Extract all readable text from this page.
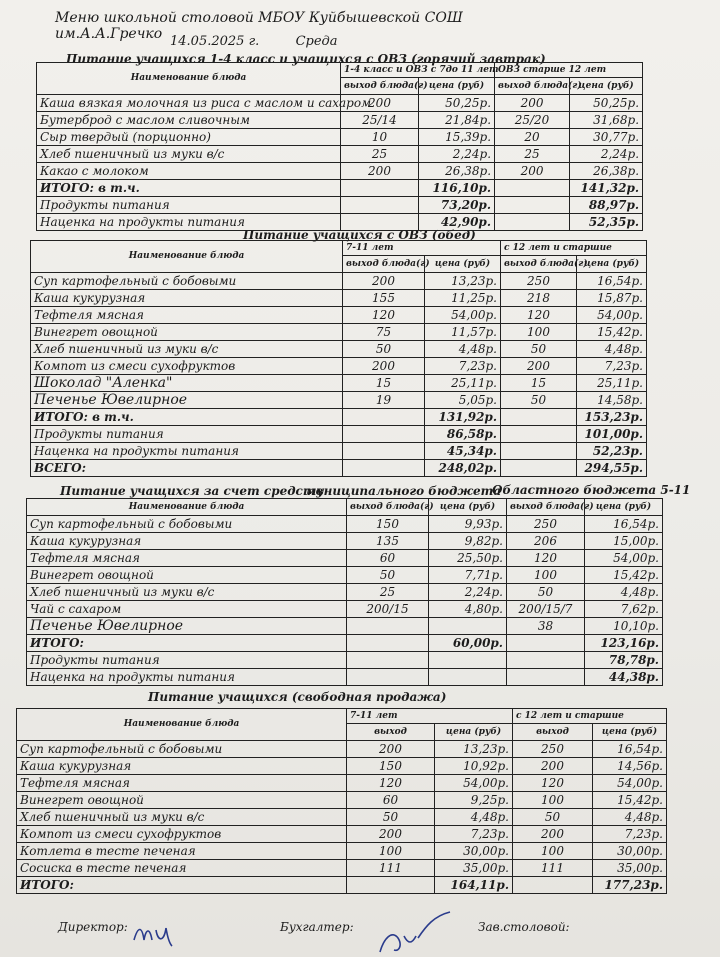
Меню школьной столовой МБОУ Куйбышевской СОШ им.А.А.Гречко 14.05.2025 г.	Среда
Питание учащихся 1-4 класс и учащихся с ОВЗ (горячий завтрак)
Наименование блюда	1-4 класс и ОВЗ с 7до 11 лет		ОВЗ старше 12 лет	
	выход блюда(г)	цена (руб)	выход блюда(г)	цена (руб)
Каша вязкая молочная из риса с маслом и сахаром	200	50,25р.	200	50,25р.
Бутерброд с маслом сливочным	25/14	21,84р.	25/20	31,68р.
Сыр твердый (порционно)	10	15,39р.	20	30,77р.
Хлеб пшеничный из муки в/с	25	2,24р.	25	2,24р.
Какао с молоком	200	26,38р.	200	26,38р.
ИТОГО: в т.ч.		116,10р.		141,32р.
Продукты питания		73,20р.		88,97р.
Наценка на продукты питания		42,90р.		52,35р.
Питание учащихся с ОВЗ (обед)
Наименование блюда	7-11 лет		с 12 лет и старшие	
	выход блюда(г)	цена (руб)	выход блюда(г)	цена (руб)
Суп картофельный с бобовыми	200	13,23р.	250	16,54р.
Каша кукурузная	155	11,25р.	218	15,87р.
Тефтеля мясная	120	54,00р.	120	54,00р.
Винегрет овощной	75	11,57р.	100	15,42р.
Хлеб пшеничный из муки в/с	50	4,48р.	50	4,48р.
Компот из смеси сухофруктов	200	7,23р.	200	7,23р.
Шоколад "Аленка"	15	25,11р.	15	25,11р.
Печенье Ювелирное	19	5,05р.	50	14,58р.
ИТОГО: в т.ч.		131,92р.		153,23р.
Продукты питания		86,58р.		101,00р.
Наценка на продукты питания		45,34р.		52,23р.
ВСЕГО:		248,02р.		294,55р.
Питание учащихся за счет средств
муниципального бюджета
Областного бюджета 5-11
Наименование блюда	выход блюда(г)	цена (руб)	выход блюда(г)	цена (руб)
Суп картофельный с бобовыми	150	9,93р.	250	16,54р.
Каша кукурузная	135	9,82р.	206	15,00р.
Тефтеля мясная	60	25,50р.	120	54,00р.
Винегрет овощной	50	7,71р.	100	15,42р.
Хлеб пшеничный из муки в/с	25	2,24р.	50	4,48р.
Чай с сахаром	200/15	4,80р.	200/15/7	7,62р.
Печенье Ювелирное			38	10,10р.
ИТОГО:		60,00р.		123,16р.
Продукты питания				78,78р.
Наценка на продукты питания				44,38р.
Питание учащихся (свободная продажа)
Наименование блюда	7-11 лет		с 12 лет и старшие	
	выход	цена (руб)	выход	цена (руб)
Суп картофельный с бобовыми	200	13,23р.	250	16,54р.
Каша кукурузная	150	10,92р.	200	14,56р.
Тефтеля мясная	120	54,00р.	120	54,00р.
Винегрет овощной	60	9,25р.	100	15,42р.
Хлеб пшеничный из муки в/с	50	4,48р.	50	4,48р.
Компот из смеси сухофруктов	200	7,23р.	200	7,23р.
Котлета в тесте печеная	100	30,00р.	100	30,00р.
Сосиска в тесте печеная	111	35,00р.	111	35,00р.
ИТОГО:		164,11р.		177,23р.
Директор:	Бухгалтер:	Зав.столовой:
